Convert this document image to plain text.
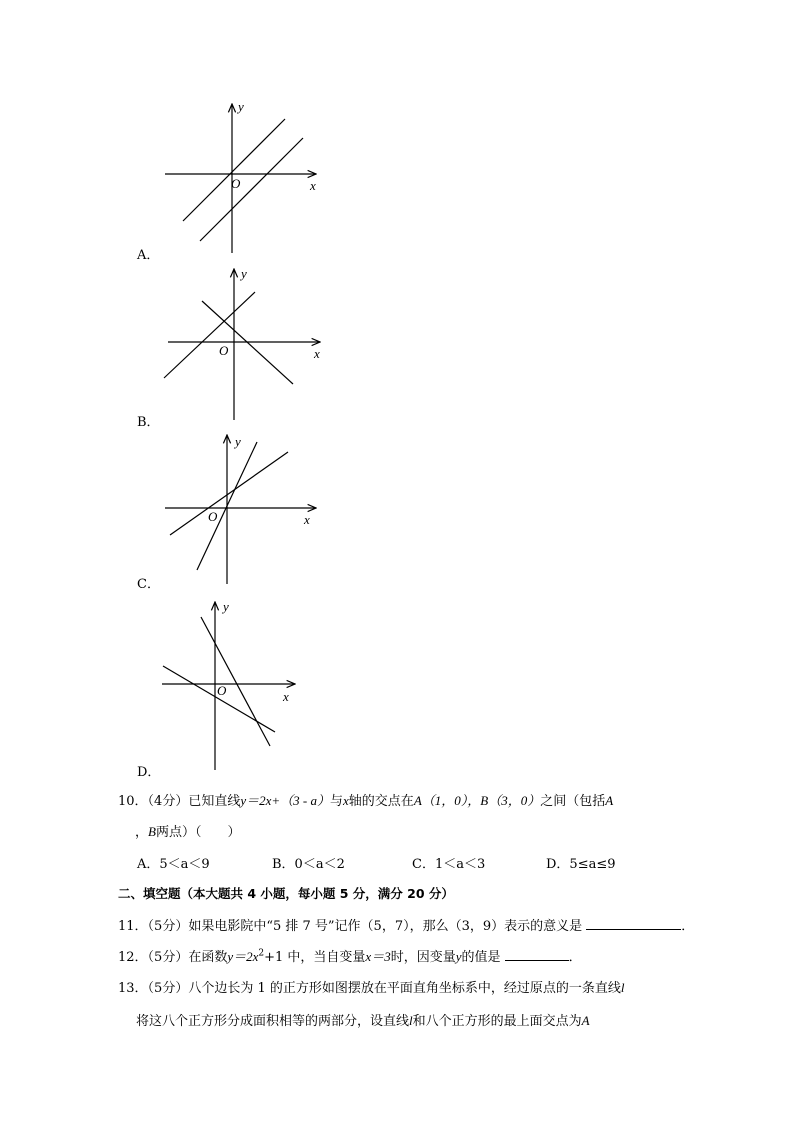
y
x
O
A．
y
x
O
B．
y
x
O
C．
y
x
O
D．
10．（4分）已知直线y＝2x+（3 - a）与x轴的交点在A（1，0），B（3，0）之间（包括A
，B两点）（　　）
A．5＜a＜9	B．0＜a＜2	C．1＜a＜3	D．5≤a≤9
二、填空题（本大题共 4 小题，每小题 5 分，满分 20 分）
11．（5分）如果电影院中“5 排 7 号”记作（5，7），那么（3，9）表示的意义是	．
12．（5分）在函数$y=2x^2+1$ 中，当自变量x＝3时，因变量y的值是	．
13．（5分）八个边长为 1 的正方形如图摆放在平面直角坐标系中，经过原点的一条直线l
将这八个正方形分成面积相等的两部分，设直线l和八个正方形的最上面交点为A
